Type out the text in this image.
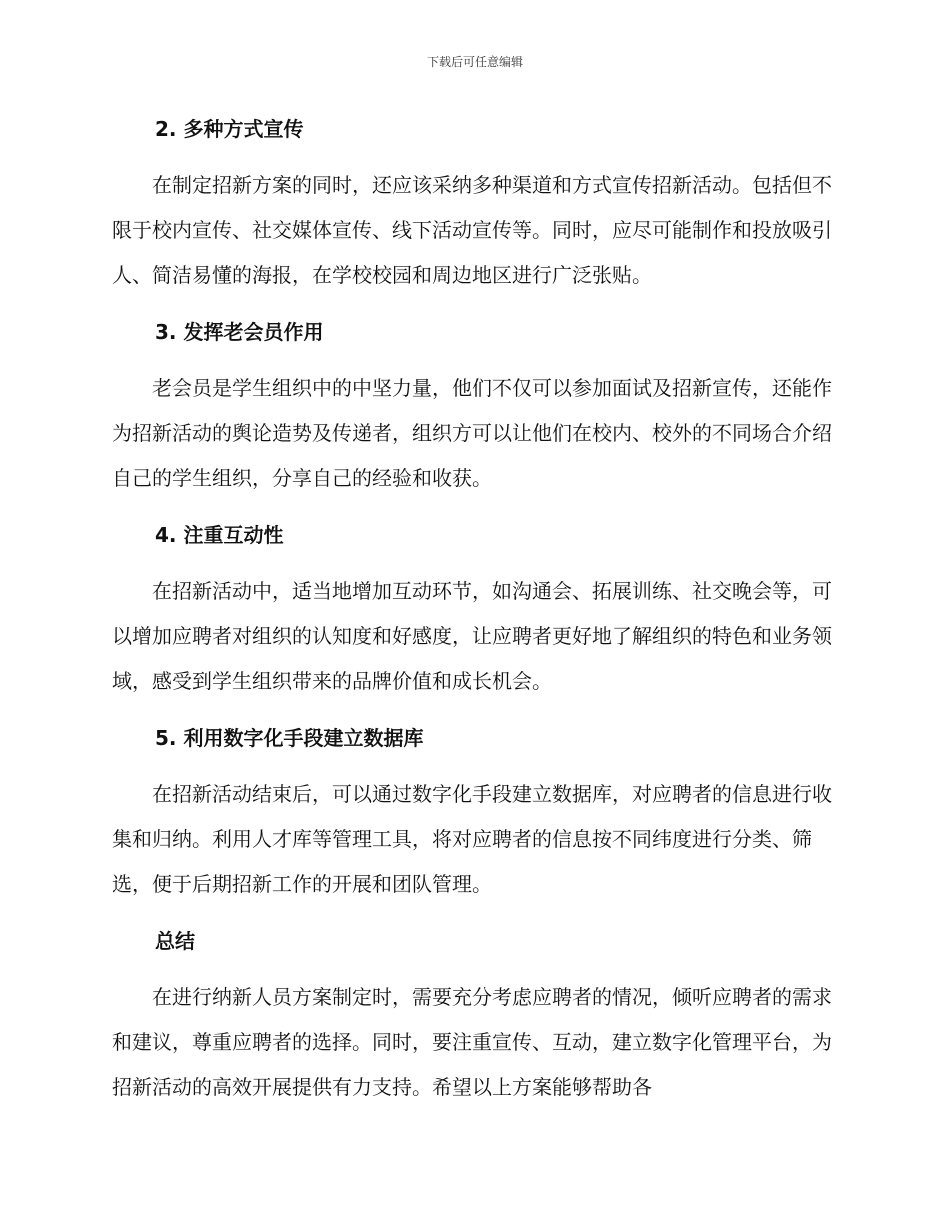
下载后可任意编辑
2. 多种方式宣传

在制定招新方案的同时，还应该采纳多种渠道和方式宣传招新活动。包括但不限于校内宣传、社交媒体宣传、线下活动宣传等。同时，应尽可能制作和投放吸引人、简洁易懂的海报，在学校校园和周边地区进行广泛张贴。

3. 发挥老会员作用

老会员是学生组织中的中坚力量，他们不仅可以参加面试及招新宣传，还能作为招新活动的舆论造势及传递者，组织方可以让他们在校内、校外的不同场合介绍自己的学生组织，分享自己的经验和收获。

4. 注重互动性

在招新活动中，适当地增加互动环节，如沟通会、拓展训练、社交晚会等，可以增加应聘者对组织的认知度和好感度，让应聘者更好地了解组织的特色和业务领域，感受到学生组织带来的品牌价值和成长机会。

5. 利用数字化手段建立数据库

在招新活动结束后，可以通过数字化手段建立数据库，对应聘者的信息进行收集和归纳。利用人才库等管理工具，将对应聘者的信息按不同纬度进行分类、筛选，便于后期招新工作的开展和团队管理。

总结

在进行纳新人员方案制定时，需要充分考虑应聘者的情况，倾听应聘者的需求和建议，尊重应聘者的选择。同时，要注重宣传、互动，建立数字化管理平台，为招新活动的高效开展提供有力支持。希望以上方案能够帮助各
